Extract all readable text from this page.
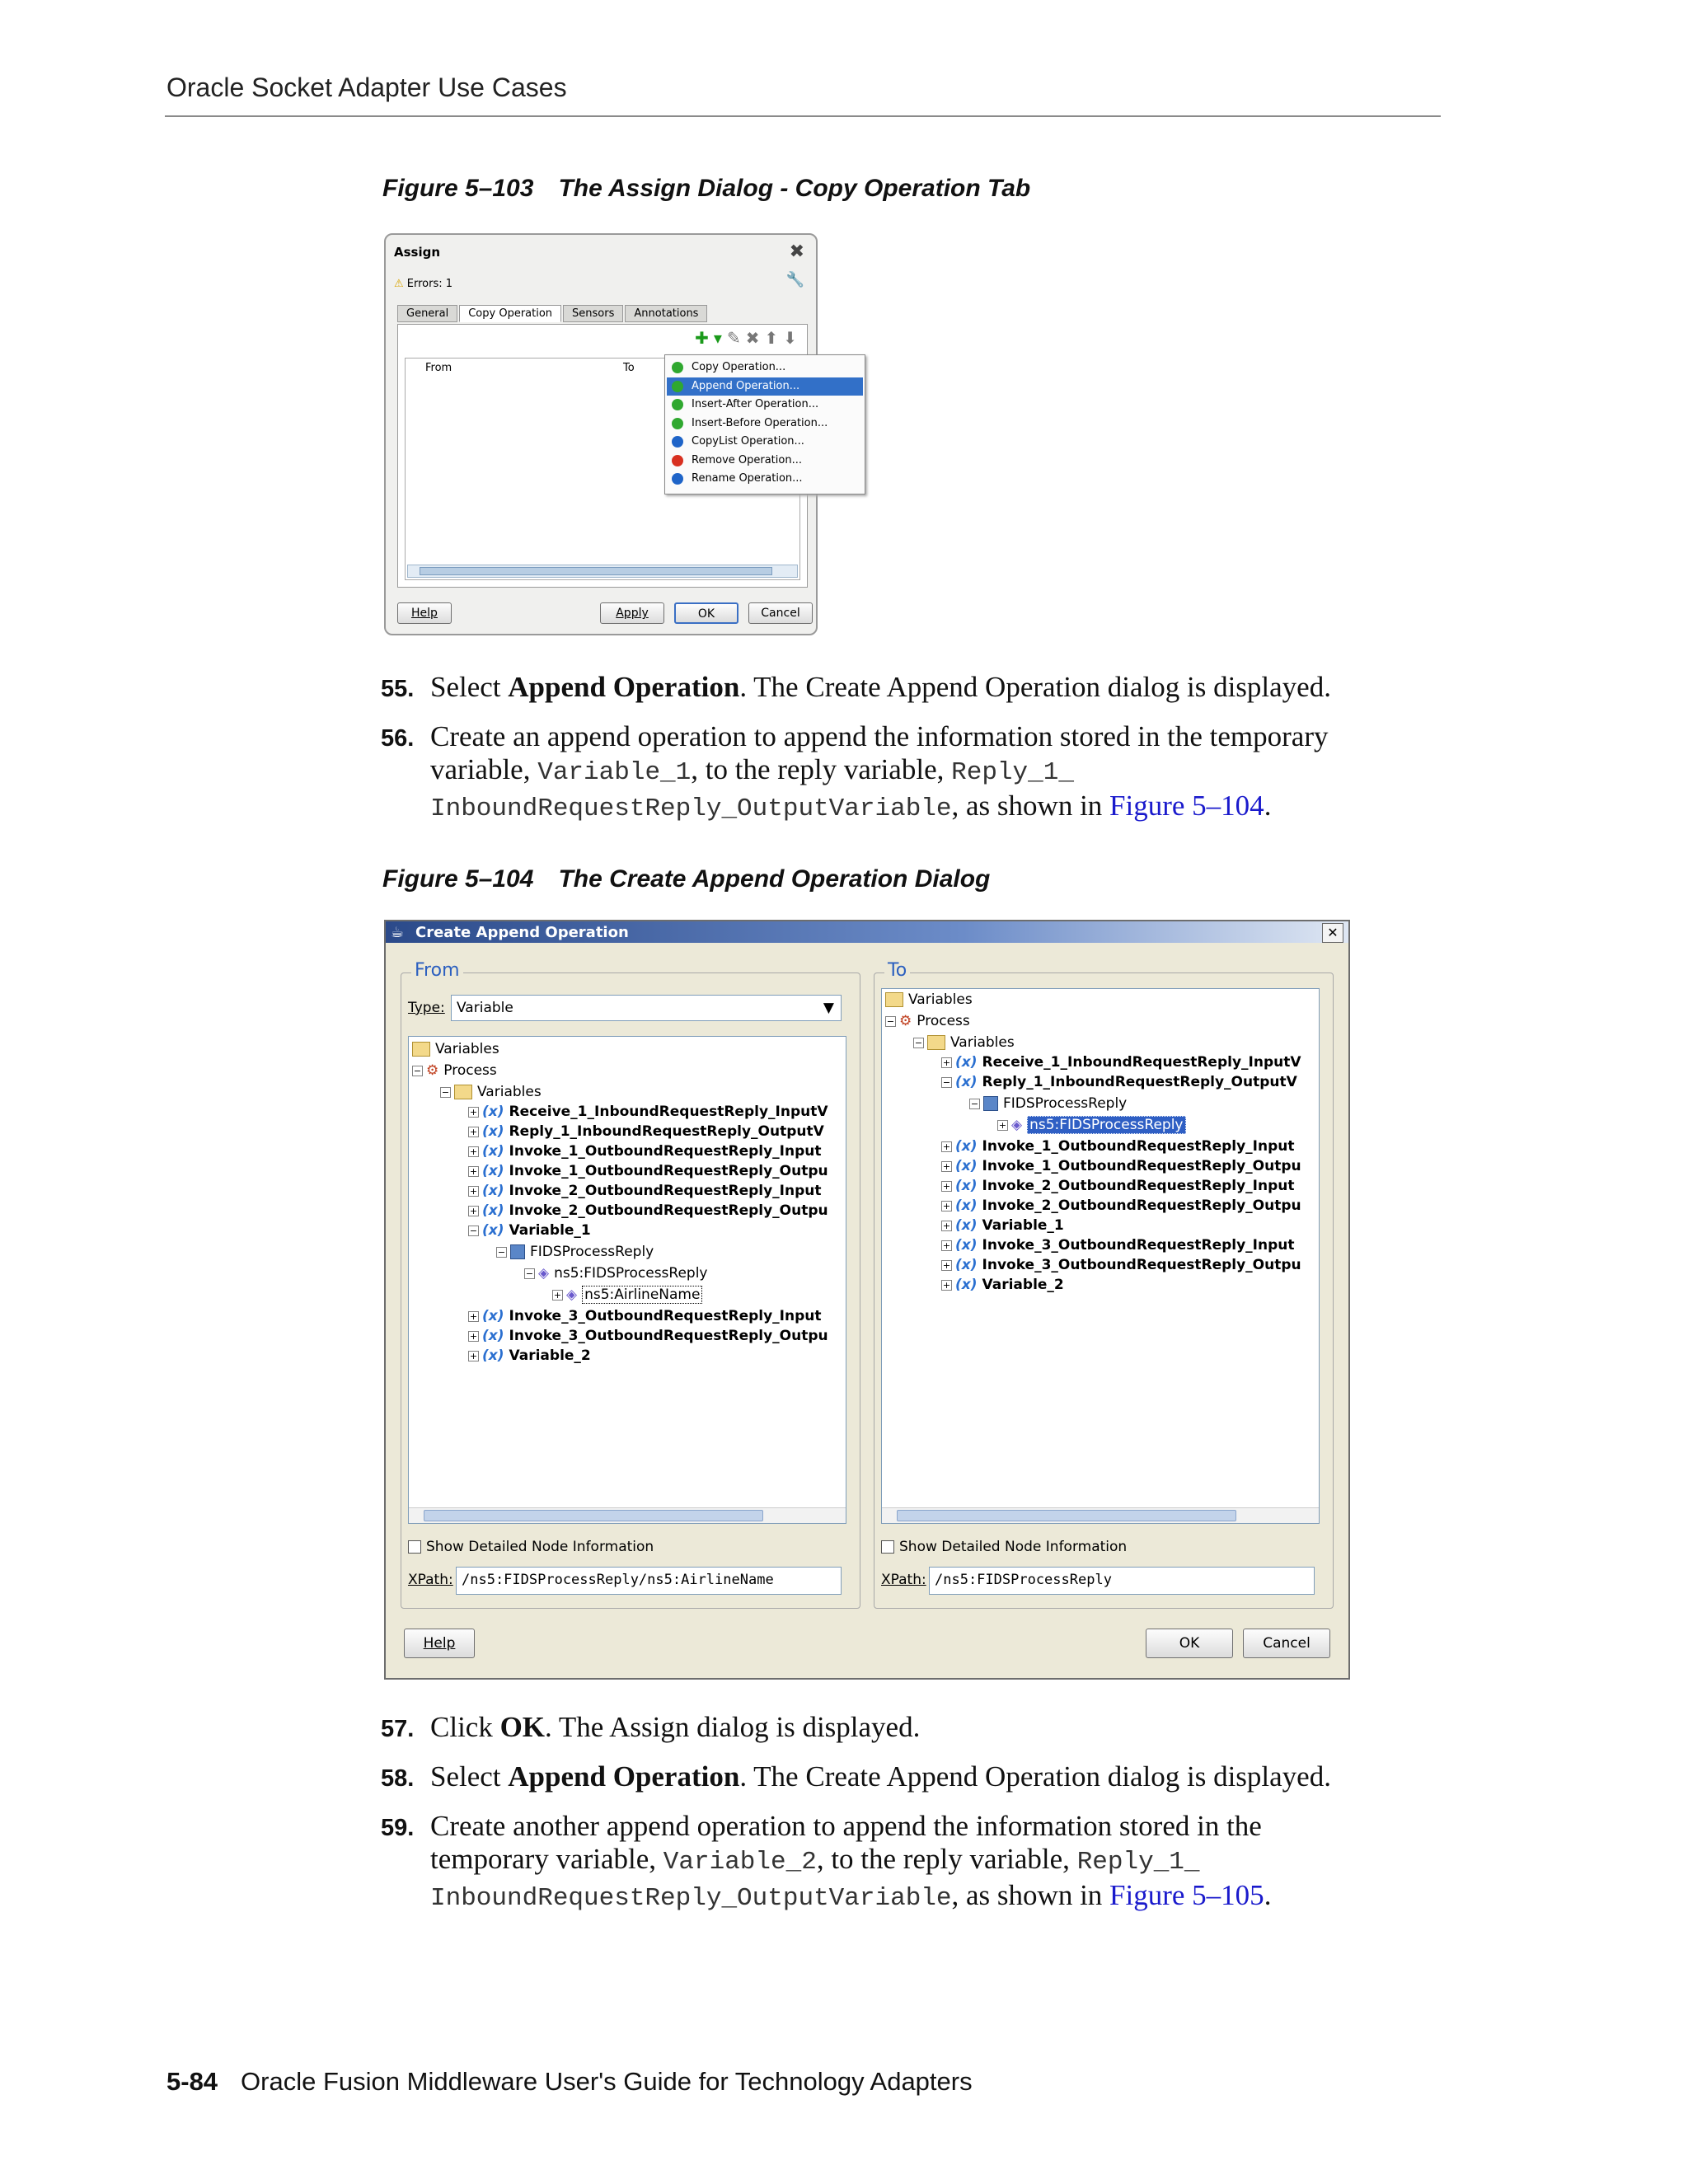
Oracle Socket Adapter Use Cases
Figure 5–103 The Assign Dialog - Copy Operation Tab
Assign	✖
🔧
⚠ Errors: 1
General Copy Operation Sensors Annotations
✚▾✎✖⬆⬇
From	To
Help	Apply	OK	Cancel
Copy Operation...
Append Operation...
Insert-After Operation...
Insert-Before Operation...
CopyList Operation...
Remove Operation...
Rename Operation...
55. Select Append Operation. The Create Append Operation dialog is displayed.
56. Create an append operation to append the information stored in the temporary
variable, Variable_1, to the reply variable, Reply_1_
InboundRequestReply_OutputVariable, as shown in Figure 5–104.
Figure 5–104 The Create Append Operation Dialog
☕ Create Append Operation	✕
From
Type: Variable	▼
Variables
− ⚙ Process
− Variables
+ (x) Receive_1_InboundRequestReply_InputV
+ (x) Reply_1_InboundRequestReply_OutputV
+ (x) Invoke_1_OutboundRequestReply_Input
+ (x) Invoke_1_OutboundRequestReply_Outpu
+ (x) Invoke_2_OutboundRequestReply_Input
+ (x) Invoke_2_OutboundRequestReply_Outpu
− (x) Variable_1
− FIDSProcessReply
− ◈ ns5:FIDSProcessReply
+ ◈ ns5:AirlineName
+ (x) Invoke_3_OutboundRequestReply_Input
+ (x) Invoke_3_OutboundRequestReply_Outpu
+ (x) Variable_2
Show Detailed Node Information
XPath: /ns5:FIDSProcessReply/ns5:AirlineName
To
Variables
− ⚙ Process
− Variables
+ (x) Receive_1_InboundRequestReply_InputV
− (x) Reply_1_InboundRequestReply_OutputV
− FIDSProcessReply
+ ◈ ns5:FIDSProcessReply
+ (x) Invoke_1_OutboundRequestReply_Input
+ (x) Invoke_1_OutboundRequestReply_Outpu
+ (x) Invoke_2_OutboundRequestReply_Input
+ (x) Invoke_2_OutboundRequestReply_Outpu
+ (x) Variable_1
+ (x) Invoke_3_OutboundRequestReply_Input
+ (x) Invoke_3_OutboundRequestReply_Outpu
+ (x) Variable_2
Show Detailed Node Information
XPath: /ns5:FIDSProcessReply
Help	OK	Cancel
57. Click OK. The Assign dialog is displayed.
58. Select Append Operation. The Create Append Operation dialog is displayed.
59. Create another append operation to append the information stored in the
temporary variable, Variable_2, to the reply variable, Reply_1_
InboundRequestReply_OutputVariable, as shown in Figure 5–105.
5-84 Oracle Fusion Middleware User's Guide for Technology Adapters
